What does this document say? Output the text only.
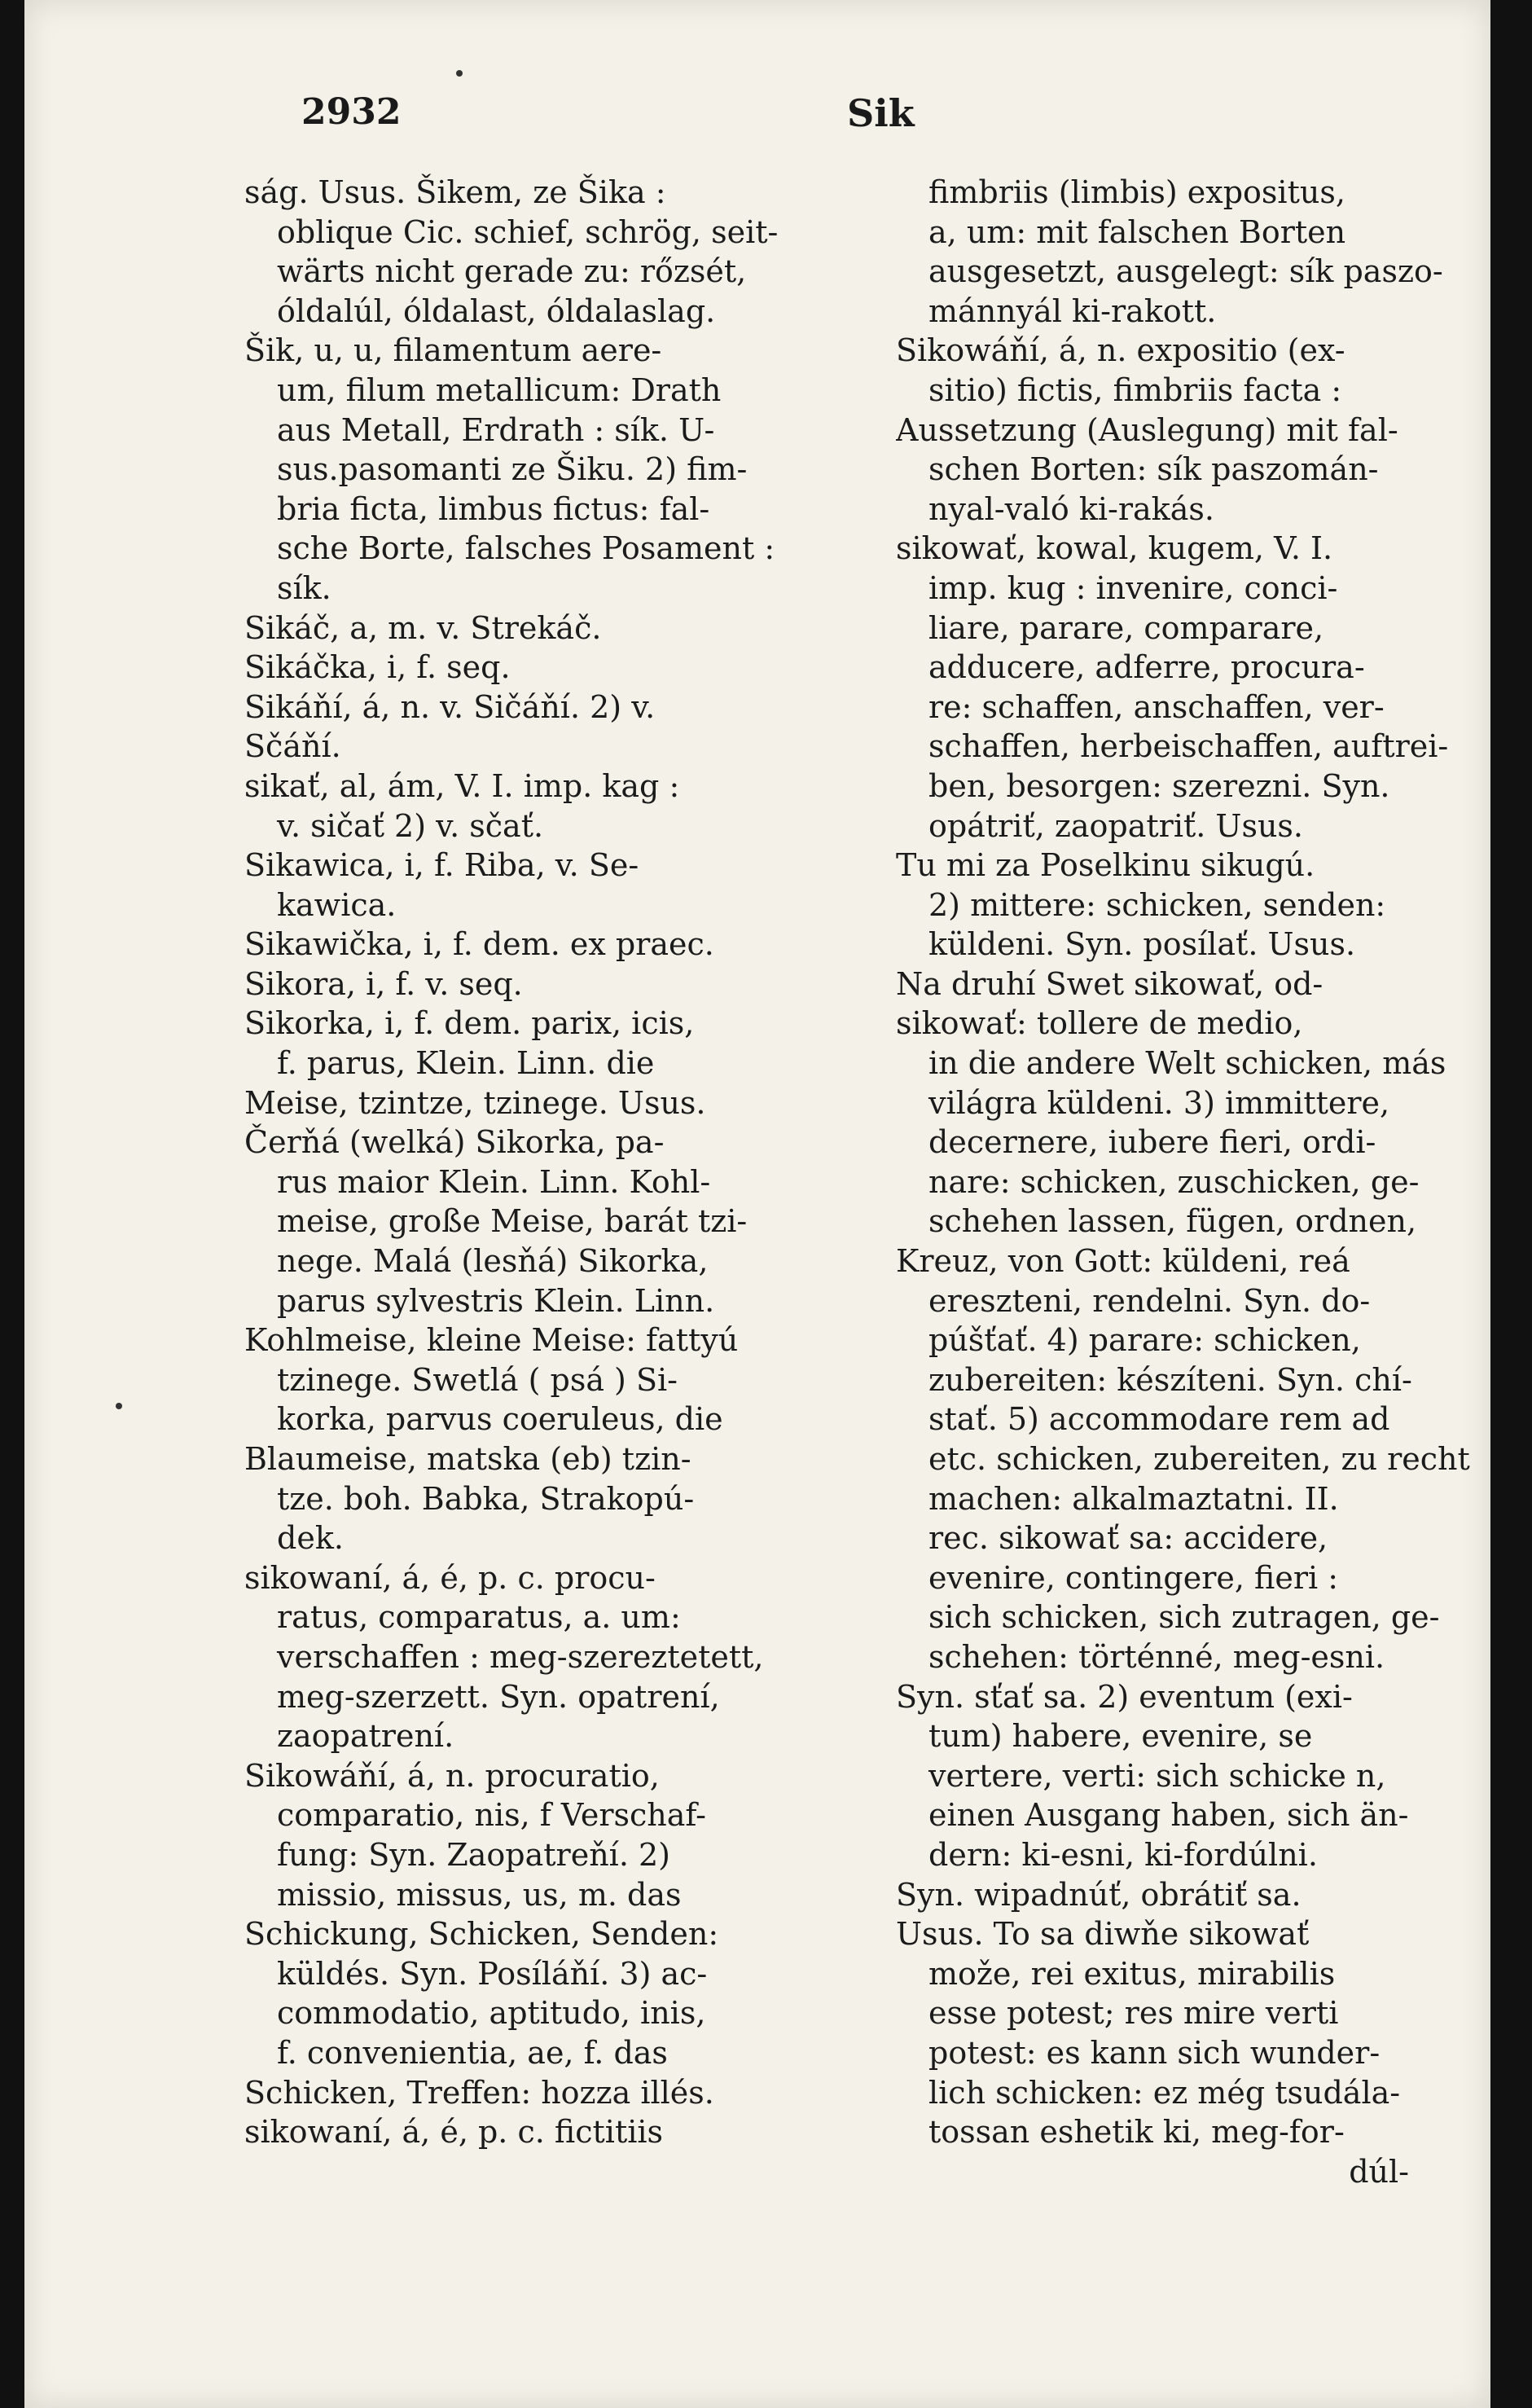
2932	Sik
ság. Usus. Šikem, ze Šika :
oblique Cic. schief, schrög, seit-
wärts nicht gerade zu: rőzsét,
óldalúl, óldalast, óldalaslag.
Šik, u, u, filamentum aere-
um, filum metallicum: Drath
aus Metall, Erdrath : sík. U-
sus.pasomanti ze Šiku. 2) fim-
bria ficta, limbus fictus: fal-
sche Borte, falsches Posament :
sík.
Sikáč, a, m. v. Strekáč.
Sikáčka, i, f. seq.
Sikáňí, á, n. v. Sičáňí. 2) v.
Sčáňí.
sikať, al, ám, V. I. imp. kag :
v. sičať 2) v. sčať.
Sikawica, i, f. Riba, v. Se-
kawica.
Sikawička, i, f. dem. ex praec.
Sikora, i, f. v. seq.
Sikorka, i, f. dem. parix, icis,
f. parus, Klein. Linn. die
Meise, tzintze, tzinege. Usus.
Čerňá (welká) Sikorka, pa-
rus maior Klein. Linn. Kohl-
meise, große Meise, barát tzi-
nege. Malá (lesňá) Sikorka,
parus sylvestris Klein. Linn.
Kohlmeise, kleine Meise: fattyú
tzinege. Swetlá ( psá ) Si-
korka, parvus coeruleus, die
Blaumeise, matska (eb) tzin-
tze. boh. Babka, Strakopú-
dek.
sikowaní, á, é, p. c. procu-
ratus, comparatus, a. um:
verschaffen : meg-szereztetett,
meg-szerzett. Syn. opatrení,
zaopatrení.
Sikowáňí, á, n. procuratio,
comparatio, nis, f Verschaf-
fung: Syn. Zaopatreňí. 2)
missio, missus, us, m. das
Schickung, Schicken, Senden:
küldés. Syn. Posíláňí. 3) ac-
commodatio, aptitudo, inis,
f. convenientia, ae, f. das
Schicken, Treffen: hozza illés.
sikowaní, á, é, p. c. fictitiis
fimbriis (limbis) expositus,
a, um: mit falschen Borten
ausgesetzt, ausgelegt: sík paszo-
mánnyál ki-rakott.
Sikowáňí, á, n. expositio (ex-
sitio) fictis, fimbriis facta :
Aussetzung (Auslegung) mit fal-
schen Borten: sík paszomán-
nyal-való ki-rakás.
sikowať, kowal, kugem, V. I.
imp. kug : invenire, conci-
liare, parare, comparare,
adducere, adferre, procura-
re: schaffen, anschaffen, ver-
schaffen, herbeischaffen, auftrei-
ben, besorgen: szerezni. Syn.
opátriť, zaopatriť. Usus.
Tu mi za Poselkinu sikugú.
2) mittere: schicken, senden:
küldeni. Syn. posílať. Usus.
Na druhí Swet sikowať, od-
sikowať: tollere de medio,
in die andere Welt schicken, más
világra küldeni. 3) immittere,
decernere, iubere fieri, ordi-
nare: schicken, zuschicken, ge-
schehen lassen, fügen, ordnen,
Kreuz, von Gott: küldeni, reá
ereszteni, rendelni. Syn. do-
púšťať. 4) parare: schicken,
zubereiten: készíteni. Syn. chí-
stať. 5) accommodare rem ad
etc. schicken, zubereiten, zu recht
machen: alkalmaztatni. II.
rec. sikowať sa: accidere,
evenire, contingere, fieri :
sich schicken, sich zutragen, ge-
schehen: történné, meg-esni.
Syn. sťať sa. 2) eventum (exi-
tum) habere, evenire, se
vertere, verti: sich schicke n,
einen Ausgang haben, sich än-
dern: ki-esni, ki-fordúlni.
Syn. wipadnúť, obrátiť sa.
Usus. To sa diwňe sikowať
može, rei exitus, mirabilis
esse potest; res mire verti
potest: es kann sich wunder-
lich schicken: ez még tsudála-
tossan eshetik ki, meg-for-
dúl-
